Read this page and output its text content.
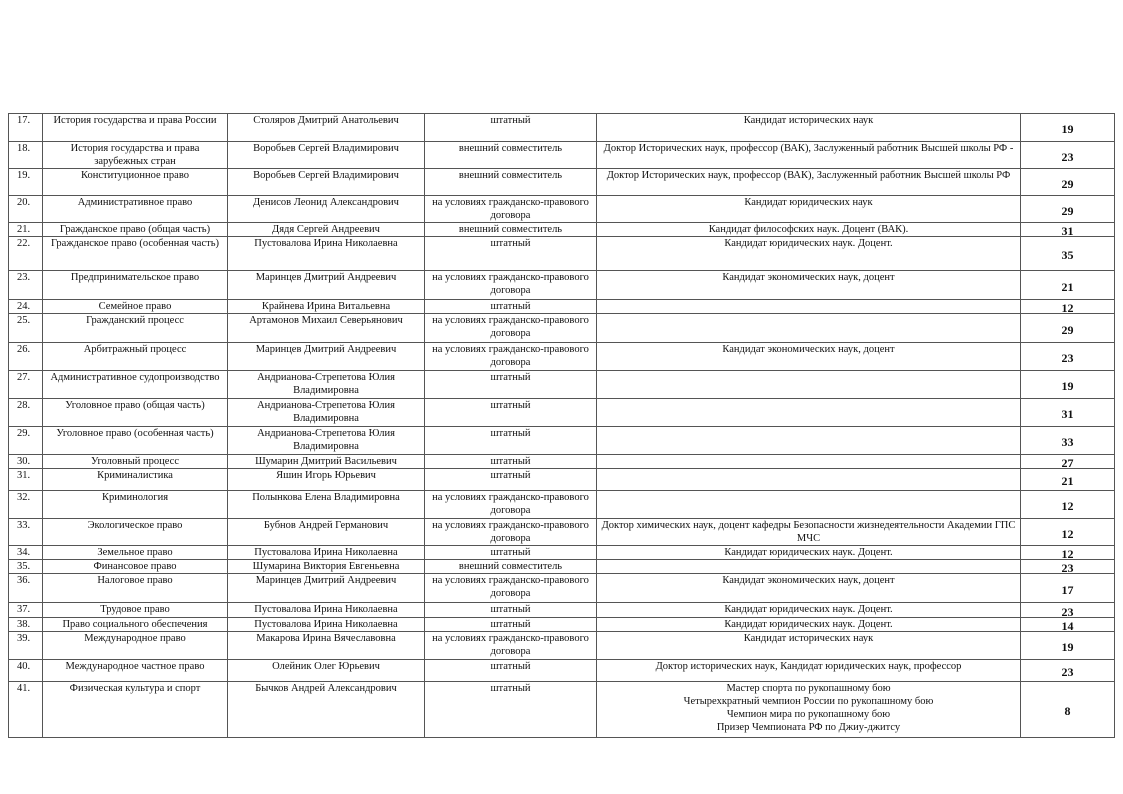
17.	История государства и права России	Столяров Дмитрий Анатольевич	штатный	Кандидат исторических наук	19
18.	История государства и права зарубежных стран	Воробьев Сергей Владимирович	внешний совместитель	Доктор Исторических наук, профессор (ВАК), Заслуженный работник Высшей школы РФ -	23
19.	Конституционное право	Воробьев Сергей Владимирович	внешний совместитель	Доктор Исторических наук, профессор (ВАК), Заслуженный работник Высшей школы РФ	29
20.	Административное право	Денисов Леонид Александрович	на условиях гражданско-правового договора	Кандидат юридических наук	29
21.	Гражданское право (общая часть)	Дядя Сергей Андреевич	внешний совместитель	Кандидат философских наук. Доцент (ВАК).	31
22.	Гражданское право (особенная часть)	Пустовалова Ирина Николаевна	штатный	Кандидат юридических наук. Доцент.	35
23.	Предпринимательское право	Маринцев Дмитрий Андреевич	на условиях гражданско-правового договора	Кандидат экономических наук, доцент	21
24.	Семейное право	Крайнева Ирина Витальевна	штатный		12
25.	Гражданский процесс	Артамонов Михаил Северьянович	на условиях гражданско-правового договора		29
26.	Арбитражный процесс	Маринцев Дмитрий Андреевич	на условиях гражданско-правового договора	Кандидат экономических наук, доцент	23
27.	Административное судопроизводство	Андрианова-Стрепетова Юлия Владимировна	штатный		19
28.	Уголовное право (общая часть)	Андрианова-Стрепетова Юлия Владимировна	штатный		31
29.	Уголовное право (особенная часть)	Андрианова-Стрепетова Юлия Владимировна	штатный		33
30.	Уголовный процесс	Шумарин Дмитрий Васильевич	штатный		27
31.	Криминалистика	Яшин Игорь Юрьевич	штатный		21
32.	Криминология	Полынкова Елена Владимировна	на условиях гражданско-правового договора		12
33.	Экологическое право	Бубнов Андрей Германович	на условиях гражданско-правового договора	Доктор химических наук, доцент кафедры Безопасности жизнедеятельности Академии ГПС МЧС	12
34.	Земельное право	Пустовалова Ирина Николаевна	штатный	Кандидат юридических наук. Доцент.	12
35.	Финансовое право	Шумарина Виктория Евгеньевна	внешний совместитель		23
36.	Налоговое право	Маринцев Дмитрий Андреевич	на условиях гражданско-правового договора	Кандидат экономических наук, доцент	17
37.	Трудовое право	Пустовалова Ирина Николаевна	штатный	Кандидат юридических наук. Доцент.	23
38.	Право социального обеспечения	Пустовалова Ирина Николаевна	штатный	Кандидат юридических наук. Доцент.	14
39.	Международное право	Макарова Ирина Вячеславовна	на условиях гражданско-правового договора	Кандидат исторических наук	19
40.	Международное частное право	Олейник Олег Юрьевич	штатный	Доктор исторических наук, Кандидат юридических наук, профессор	23
41.	Физическая культура и спорт	Бычков Андрей Александрович	штатный	Мастер спорта по рукопашному бою
Четырехкратный чемпион России по рукопашному бою
Чемпион мира по рукопашному бою
Призер Чемпионата РФ по Джиу-джитсу	8
